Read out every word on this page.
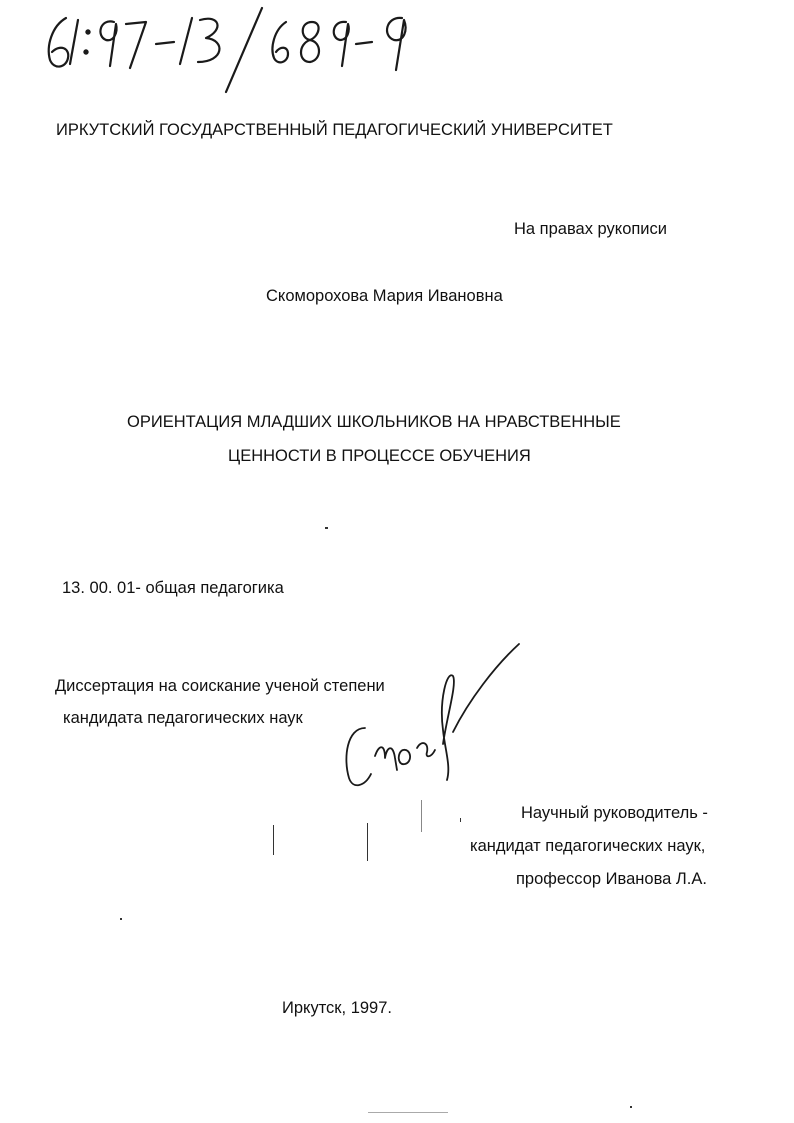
ИРКУТСКИЙ ГОСУДАРСТВЕННЫЙ ПЕДАГОГИЧЕСКИЙ УНИВЕРСИТЕТ
На правах рукописи
Скоморохова Мария Ивановна
ОРИЕНТАЦИЯ МЛАДШИХ ШКОЛЬНИКОВ НА НРАВСТВЕННЫЕ
ЦЕННОСТИ В ПРОЦЕССЕ ОБУЧЕНИЯ
13. 00. 01- общая педагогика
Диссертация на соискание ученой степени
кандидата педагогических наук
Научный руководитель -
кандидат педагогических наук,
профессор Иванова Л.А.
Иркутск, 1997.
